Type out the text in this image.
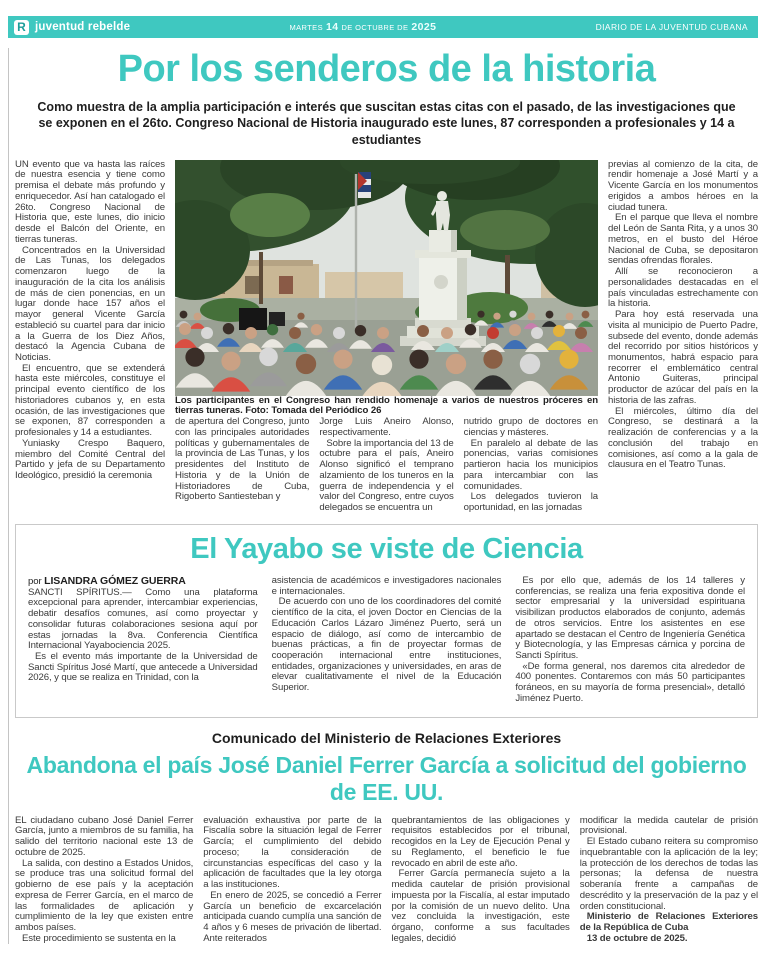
R juventud rebelde	MARTES 14 DE OCTUBRE DE 2025	DIARIO DE LA JUVENTUD CUBANA
Por los senderos de la historia

Como muestra de la amplia participación e interés que suscitan estas citas con el pasado, de las investigaciones que se exponen en el 26to. Congreso Nacional de Historia inaugurado este lunes, 87 corresponden a profesionales y 14 a estudiantes

UN evento que va hasta las raíces de nuestra esencia y tiene como premisa el debate más profundo y enriquecedor. Así han catalogado el 26to. Congreso Nacional de Historia que, este lunes, dio inicio desde el Balcón del Oriente, en tierras tuneras.

Concentrados en la Universidad de Las Tunas, los delegados comenzaron luego de la inauguración de la cita los análisis de más de cien ponencias, en un lugar donde hace 157 años el mayor general Vicente García estableció su cuartel para dar inicio a la Guerra de los Diez Años, destacó la Agencia Cubana de Noticias.

El encuentro, que se extenderá hasta este miércoles, constituye el principal evento científico de los historiadores cubanos y, en esta ocasión, de las investigaciones que se exponen, 87 corresponden a profesionales y 14 a estudiantes.

Yuniasky Crespo Baquero, miembro del Comité Central del Partido y jefa de su Departamento Ideológico, presidió la ceremonia

Los participantes en el Congreso han rendido homenaje a varios de nuestros próceres en tierras tuneras. Foto: Tomada del Periódico 26

de apertura del Congreso, junto con las principales autoridades políticas y gubernamentales de la provincia de Las Tunas, y los presidentes del Instituto de Historia y de la Unión de Historiadores de Cuba, Rigoberto Santiesteban y

Jorge Luis Aneiro Alonso, respectivamente.

Sobre la importancia del 13 de octubre para el país, Aneiro Alonso significó el temprano alzamiento de los tuneros en la guerra de independencia y el valor del Congreso, entre cuyos delegados se encuentra un

nutrido grupo de doctores en ciencias y másteres.

En paralelo al debate de las ponencias, varias comisiones partieron hacia los municipios para intercambiar con las comunidades.

Los delegados tuvieron la oportunidad, en las jornadas

previas al comienzo de la cita, de rendir homenaje a José Martí y a Vicente García en los monumentos erigidos a ambos héroes en la ciudad tunera.

En el parque que lleva el nombre del León de Santa Rita, y a unos 30 metros, en el busto del Héroe Nacional de Cuba, se depositaron sendas ofrendas florales.

Allí se reconocieron a personalidades destacadas en el país vinculadas estrechamente con la historia.

Para hoy está reservada una visita al municipio de Puerto Padre, subsede del evento, donde además del recorrido por sitios históricos y monumentos, habrá espacio para recorrer el emblemático central Antonio Guiteras, principal productor de azúcar del país en la historia de las zafras.

El miércoles, último día del Congreso, se destinará a la realización de conferencias y a la conclusión del trabajo en comisiones, así como a la gala de clausura en el Teatro Tunas.

El Yayabo se viste de Ciencia

por LISANDRA GÓMEZ GUERRA

SANCTI SPÍRITUS.— Como una plataforma excepcional para aprender, intercambiar experiencias, debatir desafíos comunes, así como proyectar y consolidar futuras colaboraciones sesiona aquí por estas jornadas la 8va. Conferencia Científica Internacional Yayabociencia 2025.

Es el evento más importante de la Universidad de Sancti Spíritus José Martí, que antecede a Universidad 2026, y que se realiza en Trinidad, con la

asistencia de académicos e investigadores nacionales e internacionales.

De acuerdo con uno de los coordinadores del comité científico de la cita, el joven Doctor en Ciencias de la Educación Carlos Lázaro Jiménez Puerto, será un espacio de diálogo, así como de intercambio de buenas prácticas, a fin de proyectar formas de cooperación internacional entre instituciones, entidades, organizaciones y universidades, en aras de elevar cualitativamente el nivel de la Educación Superior.

Es por ello que, además de los 14 talleres y conferencias, se realiza una feria expositiva donde el sector empresarial y la universidad espirituana visibilizan productos elaborados de conjunto, además de otros servicios. Entre los asistentes en ese apartado se destacan el Centro de Ingeniería Genética y Biotecnología, y las Empresas cárnica y porcina de Sancti Spíritus.

«De forma general, nos daremos cita alrededor de 400 ponentes. Contaremos con más 50 participantes foráneos, en su mayoría de forma presencial», detalló Jiménez Puerto.

Comunicado del Ministerio de Relaciones Exteriores

Abandona el país José Daniel Ferrer García a solicitud del gobierno de EE. UU.

EL ciudadano cubano José Daniel Ferrer García, junto a miembros de su familia, ha salido del territorio nacional este 13 de octubre de 2025.

La salida, con destino a Estados Unidos, se produce tras una solicitud formal del gobierno de ese país y la aceptación expresa de Ferrer García, en el marco de las formalidades de aplicación y cumplimiento de la ley que existen entre ambos países.

Este procedimiento se sustenta en la

evaluación exhaustiva por parte de la Fiscalía sobre la situación legal de Ferrer García; el cumplimiento del debido proceso; la consideración de circunstancias específicas del caso y la aplicación de facultades que la ley otorga a las instituciones.

En enero de 2025, se concedió a Ferrer García un beneficio de excarcelación anticipada cuando cumplía una sanción de 4 años y 6 meses de privación de libertad. Ante reiterados

quebrantamientos de las obligaciones y requisitos establecidos por el tribunal, recogidos en la Ley de Ejecución Penal y su Reglamento, el beneficio le fue revocado en abril de este año.

Ferrer García permanecía sujeto a la medida cautelar de prisión provisional impuesta por la Fiscalía, al estar imputado por la comisión de un nuevo delito. Una vez concluida la investigación, este órgano, conforme a sus facultades legales, decidió

modificar la medida cautelar de prisión provisional.

El Estado cubano reitera su compromiso inquebrantable con la aplicación de la ley; la protección de los derechos de todas las personas; la defensa de nuestra soberanía frente a campañas de descrédito y la preservación de la paz y el orden constitucional.

Ministerio de Relaciones Exteriores de la República de Cuba

13 de octubre de 2025.
